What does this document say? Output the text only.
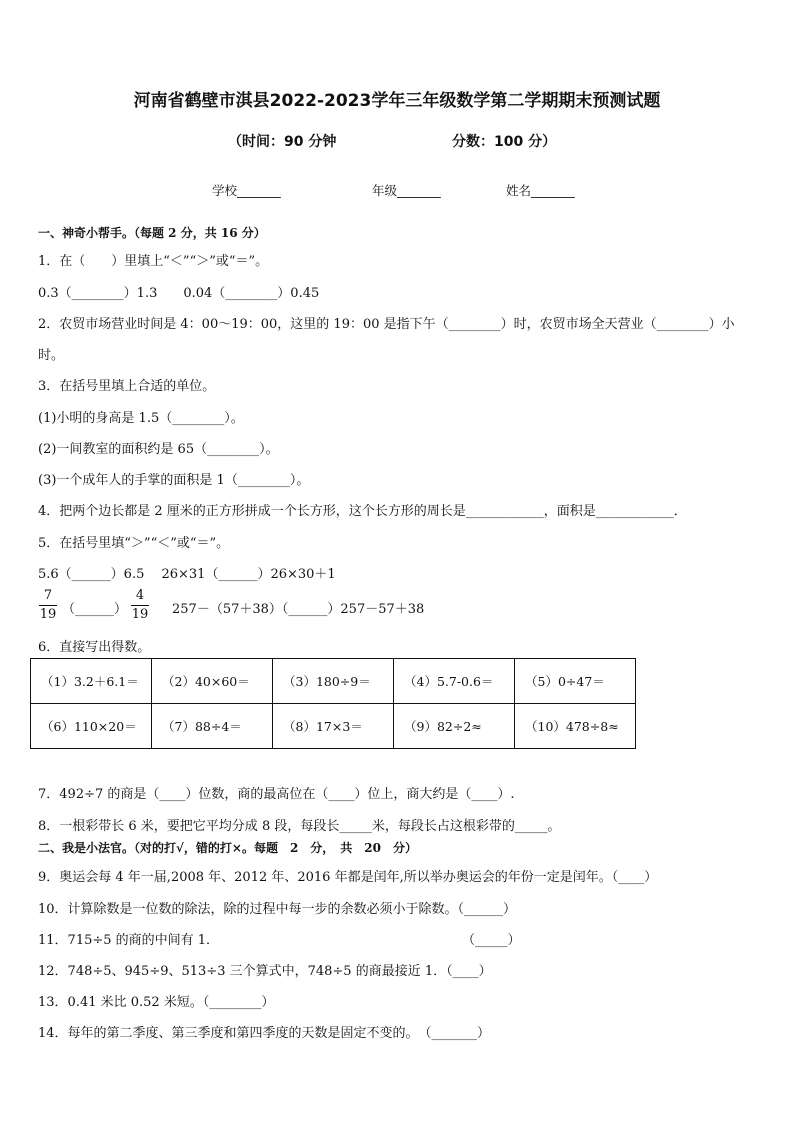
河南省鹤壁市淇县2022-2023学年三年级数学第二学期期末预测试题
（时间：90 分钟	分数：100 分）
学校_______	年级_______	姓名_______
一、神奇小帮手。（每题 2 分，共 16 分）
1．在（　　）里填上“＜”“＞”或“＝”。
0.3（________）1.3　　0.04（________）0.45
2．农贸市场营业时间是 4：00～19：00，这里的 19：00 是指下午（________）时，农贸市场全天营业（________）小
时。
3．在括号里填上合适的单位。
(1)小明的身高是 1.5（________）。
(2)一间教室的面积约是 65（________）。
(3)一个成年人的手掌的面积是 1（________）。
4．把两个边长都是 2 厘米的正方形拼成一个长方形，这个长方形的周长是____________，面积是____________．
5．在括号里填“＞”“＜”或“＝”。
5.6（______）6.5　 26×31（______）26×30＋1
$\frac{7}{19}$ （______） $\frac{4}{19}$ 257－（57＋38）（______）257－57＋38
6．直接写出得数。
（1）3.2＋6.1＝	（2）40×60＝	（3）180÷9＝	（4）5.7-0.6＝	（5）0÷47＝
（6）110×20＝	（7）88÷4＝	（8）17×3＝	（9）82÷2≈	（10）478÷8≈
7．492÷7 的商是（____）位数，商的最高位在（____）位上，商大约是（____）.
8．一根彩带长 6 米，要把它平均分成 8 段，每段长_____米，每段长占这根彩带的_____。
二、我是小法官。（对的打√，错的打×。每题　2　分，　共　20　分）
9．奥运会每 4 年一届,2008 年、2012 年、2016 年都是闰年,所以举办奥运会的年份一定是闰年。（____）
10．计算除数是一位数的除法，除的过程中每一步的余数必须小于除数。（______）
11．715÷5 的商的中间有 1．	（_____）
12．748÷5、945÷9、513÷3 三个算式中，748÷5 的商最接近 1．（____）
13．0.41 米比 0.52 米短。（________）
14．每年的第二季度、第三季度和第四季度的天数是固定不变的。　（_______）
